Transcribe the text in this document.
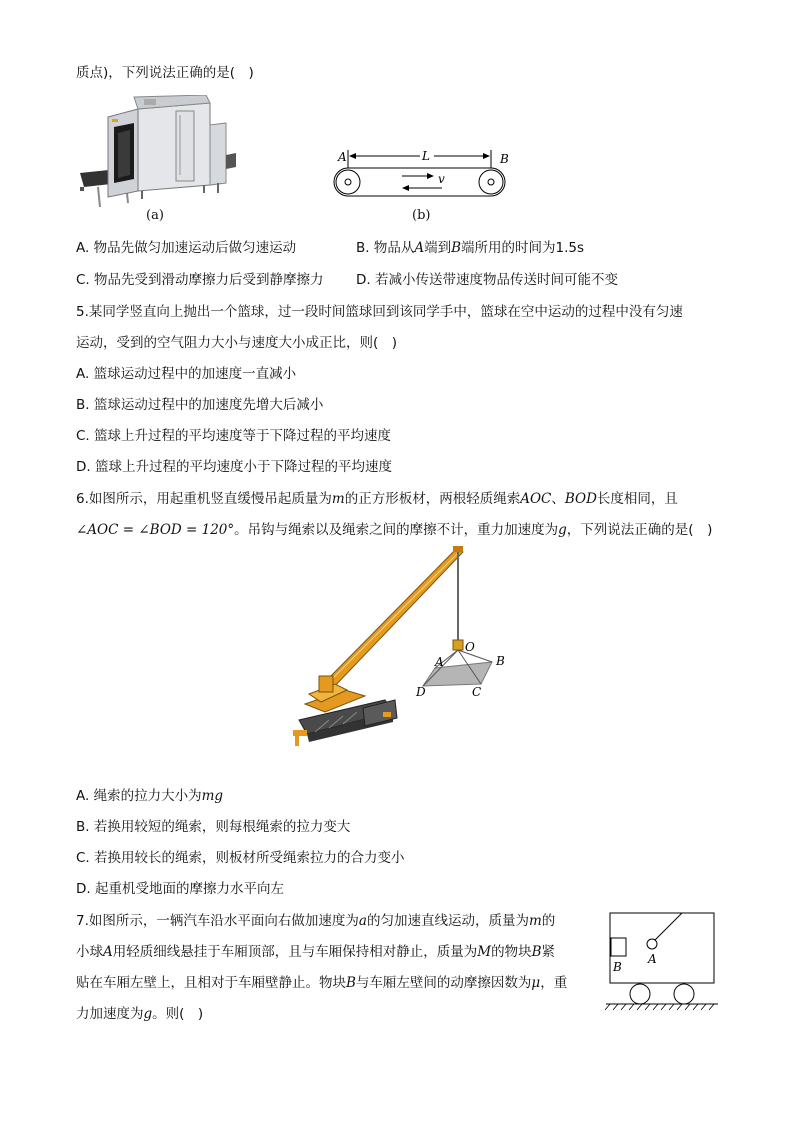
质点)，下列说法正确的是(　)
(a)
A	L	B
v
(b)
A. 物品先做匀加速运动后做匀速运动	B. 物品从A端到B端所用的时间为1.5s
C. 物品先受到滑动摩擦力后受到静摩擦力 D. 若减小传送带速度物品传送时间可能不变
5.某同学竖直向上抛出一个篮球，过一段时间篮球回到该同学手中，篮球在空中运动的过程中没有匀速
运动，受到的空气阻力大小与速度大小成正比，则(　)
A. 篮球运动过程中的加速度一直减小
B. 篮球运动过程中的加速度先增大后减小
C. 篮球上升过程的平均速度等于下降过程的平均速度
D. 篮球上升过程的平均速度小于下降过程的平均速度
6.如图所示，用起重机竖直缓慢吊起质量为m的正方形板材，两根轻质绳索AOC、BOD长度相同，且
∠AOC = ∠BOD = 120°。吊钩与绳索以及绳索之间的摩擦不计，重力加速度为g，下列说法正确的是(　)
O
A	B
C
D
A. 绳索的拉力大小为mg
B. 若换用较短的绳索，则每根绳索的拉力变大
C. 若换用较长的绳索，则板材所受绳索拉力的合力变小
D. 起重机受地面的摩擦力水平向左
7.如图所示，一辆汽车沿水平面向右做加速度为a的匀加速直线运动，质量为m的
小球A用轻质细线悬挂于车厢顶部，且与车厢保持相对静止，质量为M的物块B紧
贴在车厢左壁上，且相对于车厢壁静止。物块B与车厢左壁间的动摩擦因数为μ，重
力加速度为g。则(　)
B
A
